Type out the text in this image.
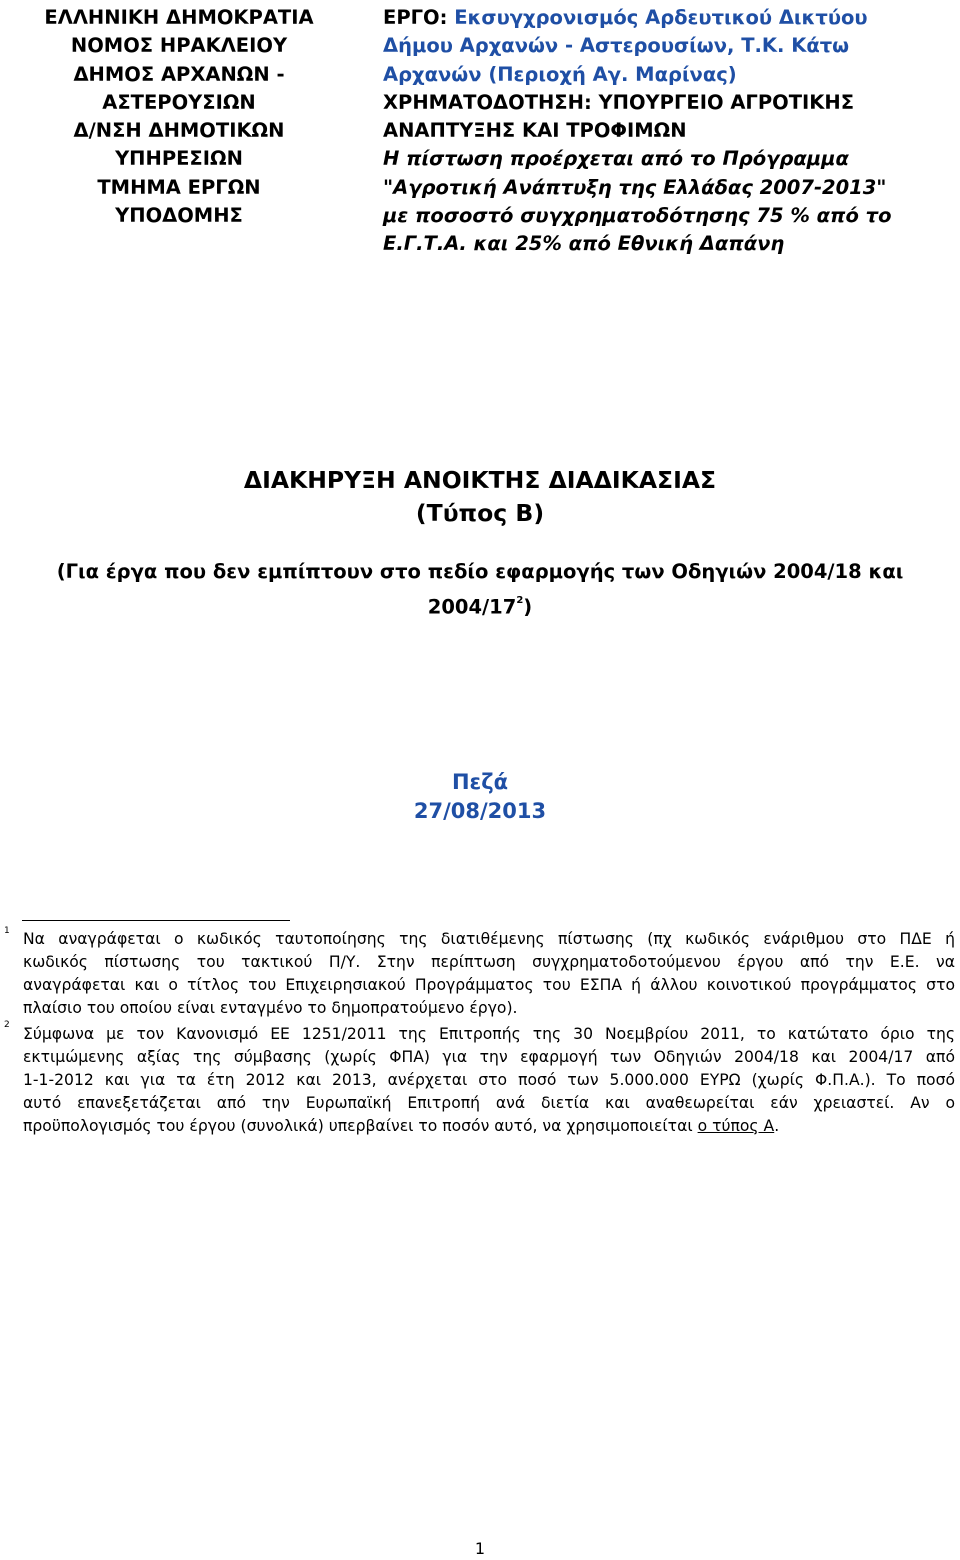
ΕΛΛΗΝΙΚΗ ΔΗΜΟΚΡΑΤΙΑ
ΝΟΜΟΣ ΗΡΑΚΛΕΙΟΥ
ΔΗΜΟΣ ΑΡΧΑΝΩΝ -
ΑΣΤΕΡΟΥΣΙΩΝ
Δ/ΝΣΗ ΔΗΜΟΤΙΚΩΝ
ΥΠΗΡΕΣΙΩΝ
ΤΜΗΜΑ ΕΡΓΩΝ
ΥΠΟΔΟΜΗΣ
ΕΡΓΟ: Εκσυγχρονισμός Αρδευτικού Δικτύου
Δήμου Αρχανών - Αστερουσίων, Τ.Κ. Κάτω
Αρχανών (Περιοχή Αγ. Μαρίνας)
ΧΡΗΜΑΤΟΔΟΤΗΣΗ: ΥΠΟΥΡΓΕΙΟ ΑΓΡΟΤΙΚΗΣ
ΑΝΑΠΤΥΞΗΣ ΚΑΙ ΤΡΟΦΙΜΩΝ
Η πίστωση προέρχεται από το Πρόγραμμα
"Αγροτική Ανάπτυξη της Ελλάδας 2007-2013"
με ποσοστό συγχρηματοδότησης 75 % από το
Ε.Γ.Τ.Α. και 25% από Εθνική Δαπάνη
ΔΙΑΚΗΡΥΞΗ ΑΝΟΙΚΤΗΣ ΔΙΑΔΙΚΑΣΙΑΣ
(Τύπος Β)
(Για έργα που δεν εμπίπτουν στο πεδίο εφαρμογής των Οδηγιών 2004/18 και
$2004/17^2$)
Πεζά
27/08/2013
1 Να αναγράφεται ο κωδικός ταυτοποίησης της διατιθέμενης πίστωσης (πχ κωδικός ενάριθμου στο ΠΔΕ ή
κωδικός πίστωσης του τακτικού Π/Υ. Στην περίπτωση συγχρηματοδοτούμενου έργου από την Ε.Ε. να
αναγράφεται και ο τίτλος του Επιχειρησιακού Προγράμματος του ΕΣΠΑ ή άλλου κοινοτικού προγράμματος στο
πλαίσιο του οποίου είναι ενταγμένο το δημοπρατούμενο έργο).
2 Σύμφωνα με τον Κανονισμό ΕΕ 1251/2011 της Επιτροπής της 30 Νοεμβρίου 2011, το κατώτατο όριο της
εκτιμώμενης αξίας της σύμβασης (χωρίς ΦΠΑ) για την εφαρμογή των Οδηγιών 2004/18 και 2004/17 από
1-1-2012 και για τα έτη 2012 και 2013, ανέρχεται στο ποσό των 5.000.000 ΕΥΡΩ (χωρίς Φ.Π.Α.). Το ποσό
αυτό επανεξετάζεται από την Ευρωπαϊκή Επιτροπή ανά διετία και αναθεωρείται εάν χρειαστεί. Αν ο
προϋπολογισμός του έργου (συνολικά) υπερβαίνει το ποσόν αυτό, να χρησιμοποιείται ο τύπος Α.
1
